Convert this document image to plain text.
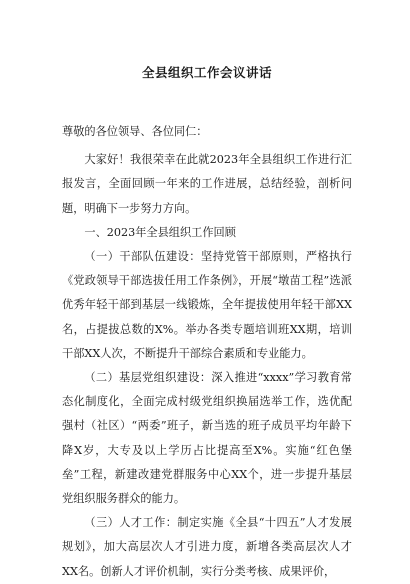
全县组织工作会议讲话

尊敬的各位领导、各位同仁：

大家好！我很荣幸在此就2023年全县组织工作进行汇报发言，全面回顾一年来的工作进展，总结经验，剖析问题，明确下一步努力方向。

一、2023年全县组织工作回顾

（一）干部队伍建设：坚持党管干部原则，严格执行《党政领导干部选拔任用工作条例》，开展“墩苗工程”选派优秀年轻干部到基层一线锻炼，全年提拔使用年轻干部XX名，占提拔总数的X%。举办各类专题培训班XX期，培训干部XX人次，不断提升干部综合素质和专业能力。

（二）基层党组织建设：深入推进“xxxx”学习教育常态化制度化，全面完成村级党组织换届选举工作，选优配强村（社区）“两委”班子，新当选的班子成员平均年龄下降X岁，大专及以上学历占比提高至X%。实施“红色堡垒”工程，新建改建党群服务中心XX个，进一步提升基层党组织服务群众的能力。

（三）人才工作：制定实施《全县“十四五”人才发展规划》，加大高层次人才引进力度，新增各类高层次人才XX名。创新人才评价机制，实行分类考核、成果评价，
